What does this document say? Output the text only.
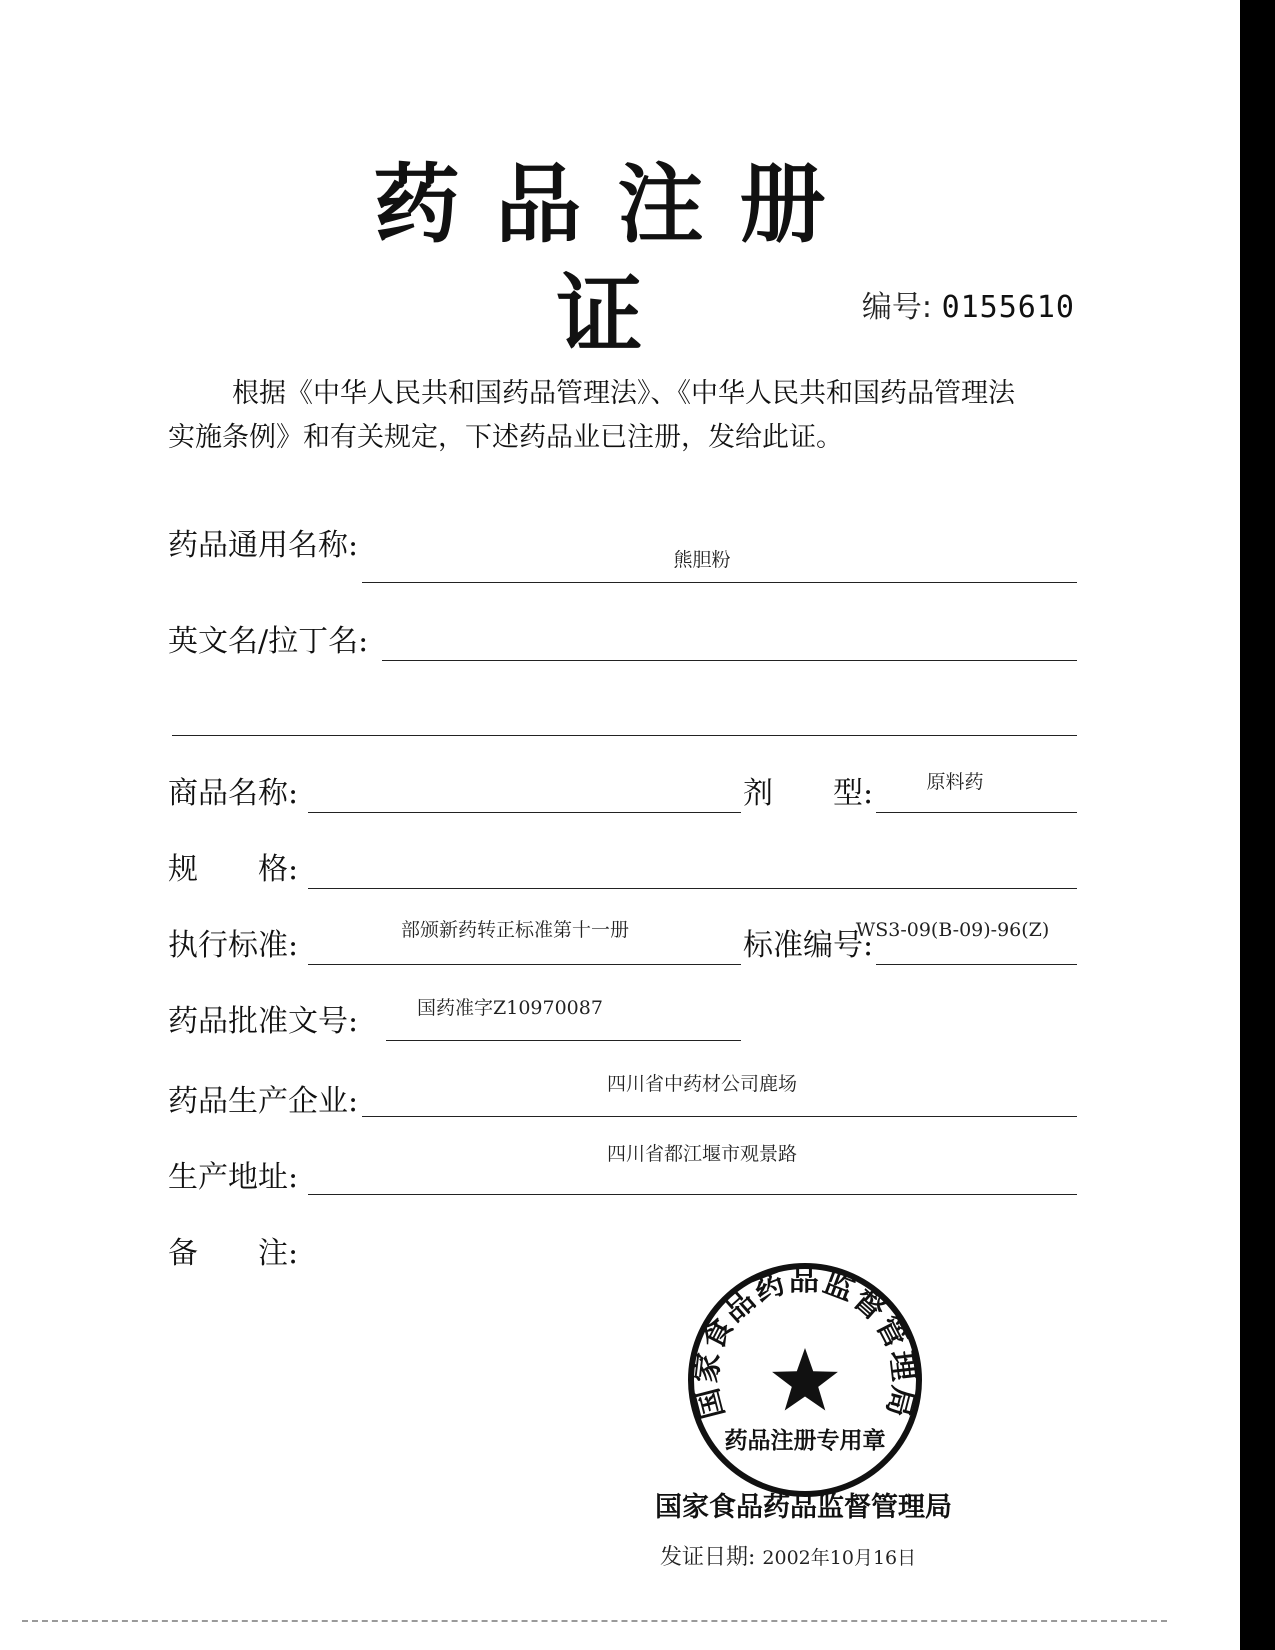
药品注册证	编号: 0155610
根据《中华人民共和国药品管理法》、《中华人民共和国药品管理法
实施条例》和有关规定，下述药品业已注册，发给此证。
药品通用名称:	熊胆粉
英文名/拉丁名:
商品名称:	剂　　型:	原料药
规　　格:
执行标准:	部颁新药转正标准第十一册	标准编号:
WS3-09(B-09)-96(Z)
药品批准文号:	国药准字Z10970087
药品生产企业:	四川省中药材公司鹿场
生产地址:
四川省都江堰市观景路
备　　注:
国家食品药品监督管理局
药品注册专用章
国家食品药品监督管理局
发证日期: 2002年10月16日
